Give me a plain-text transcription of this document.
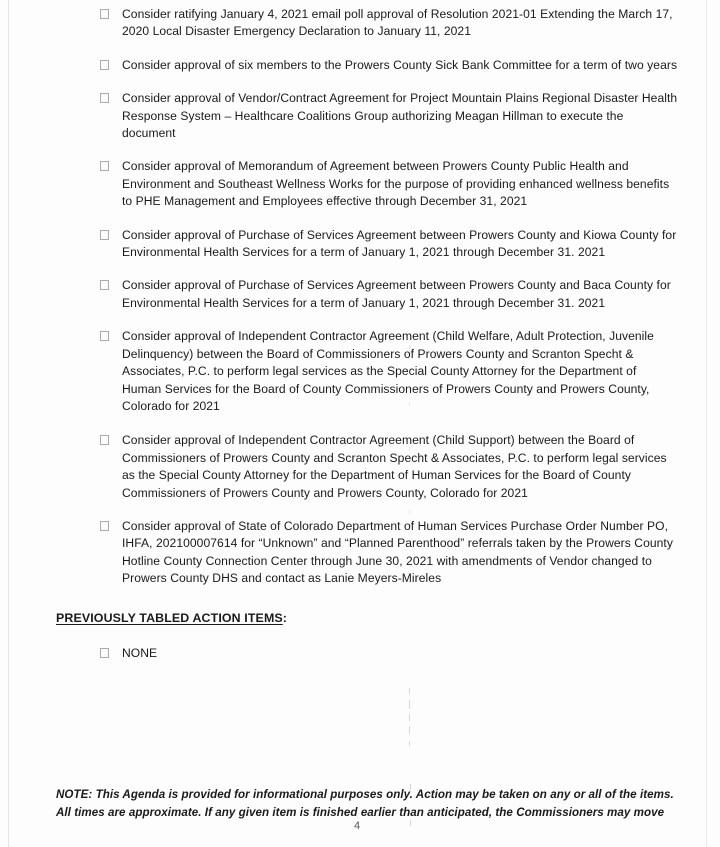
Consider ratifying January 4, 2021 email poll approval of Resolution 2021-01 Extending the March 17, 2020 Local Disaster Emergency Declaration to January 11, 2021
Consider approval of six members to the Prowers County Sick Bank Committee for a term of two years
Consider approval of Vendor/Contract Agreement for Project Mountain Plains Regional Disaster Health Response System – Healthcare Coalitions Group authorizing Meagan Hillman to execute the document
Consider approval of Memorandum of Agreement between Prowers County Public Health and Environment and Southeast Wellness Works for the purpose of providing enhanced wellness benefits to PHE Management and Employees effective through December 31, 2021
Consider approval of Purchase of Services Agreement between Prowers County and Kiowa County for Environmental Health Services for a term of January 1, 2021 through December 31. 2021
Consider approval of Purchase of Services Agreement between Prowers County and Baca County for Environmental Health Services for a term of January 1, 2021 through December 31. 2021
Consider approval of Independent Contractor Agreement (Child Welfare, Adult Protection, Juvenile Delinquency) between the Board of Commissioners of Prowers County and Scranton Specht & Associates, P.C. to perform legal services as the Special County Attorney for the Department of Human Services for the Board of County Commissioners of Prowers County and Prowers County, Colorado for 2021
Consider approval of Independent Contractor Agreement (Child Support) between the Board of Commissioners of Prowers County and Scranton Specht & Associates, P.C. to perform legal services as the Special County Attorney for the Department of Human Services for the Board of County Commissioners of Prowers County and Prowers County, Colorado for 2021
Consider approval of State of Colorado Department of Human Services Purchase Order Number PO, IHFA, 202100007614 for “Unknown” and “Planned Parenthood” referrals taken by the Prowers County Hotline County Connection Center through June 30, 2021 with amendments of Vendor changed to Prowers County DHS and contact as Lanie Meyers-Mireles
PREVIOUSLY TABLED ACTION ITEMS:
NONE
NOTE: This Agenda is provided for informational purposes only. Action may be taken on any or all of the items.
All times are approximate. If any given item is finished earlier than anticipated, the Commissioners may move
4
